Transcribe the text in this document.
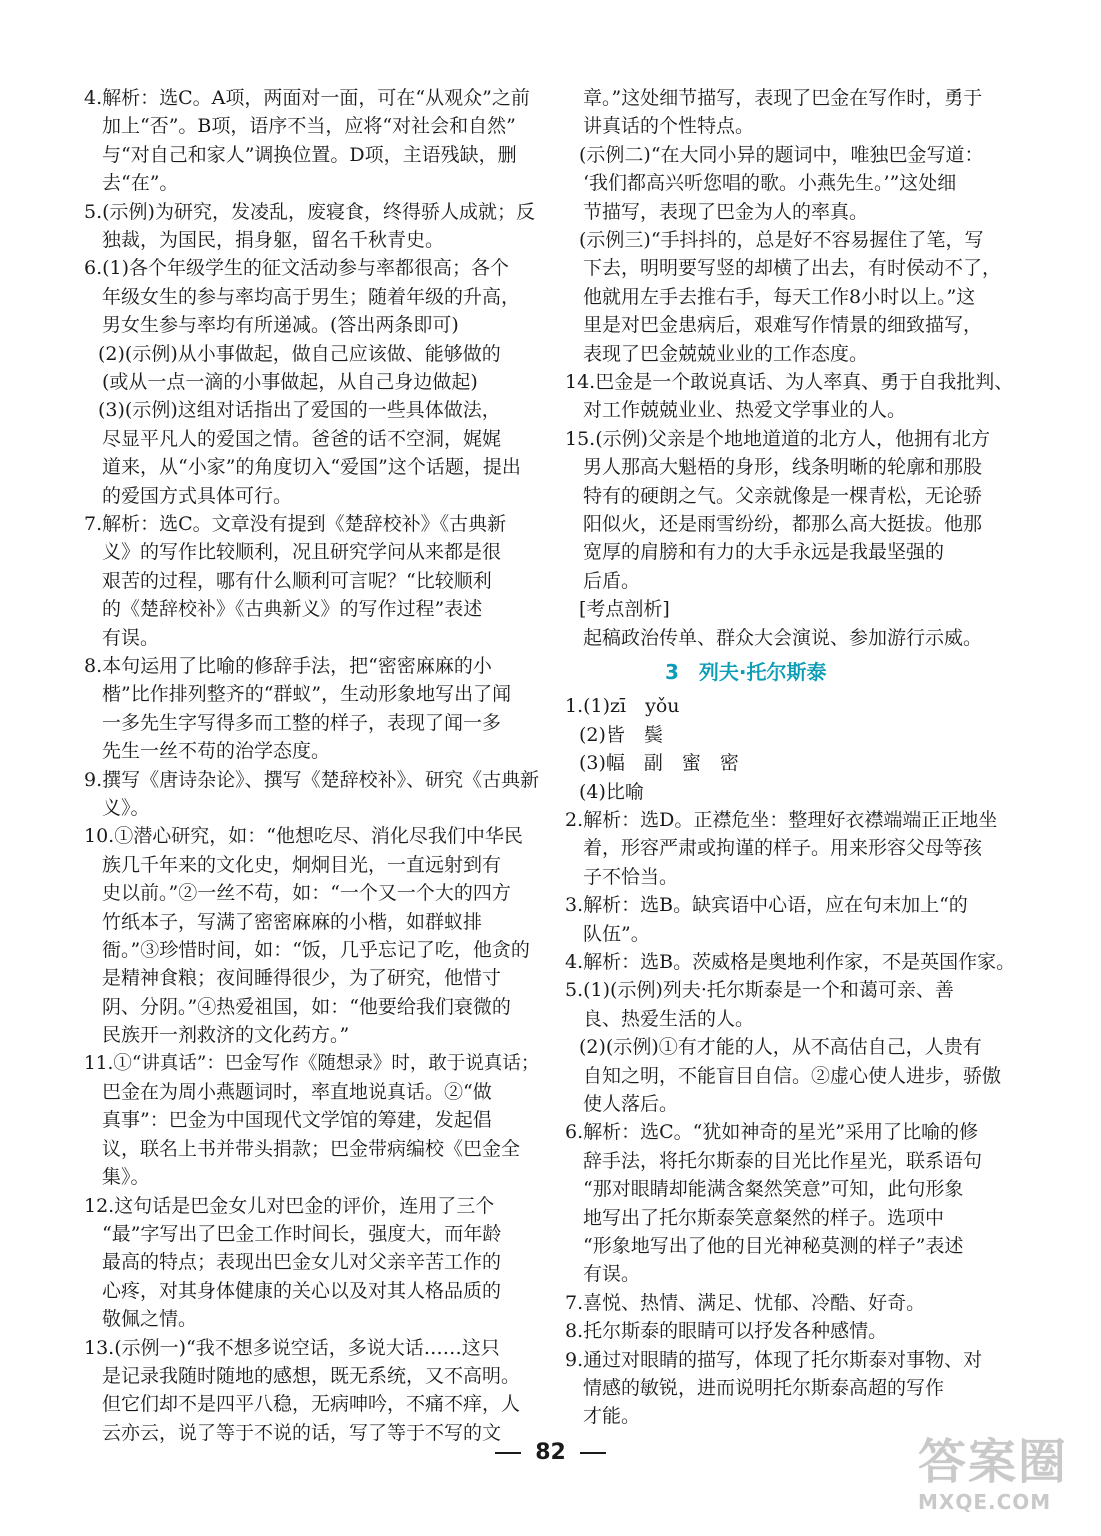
4.解析：选C。A项，两面对一面，可在“从观众”之前
加上“否”。B项，语序不当，应将“对社会和自然”
与“对自己和家人”调换位置。D项，主语残缺，删
去“在”。
5.(示例)为研究，发凌乱，废寝食，终得骄人成就；反
独裁，为国民，捐身躯，留名千秋青史。
6.(1)各个年级学生的征文活动参与率都很高；各个
年级女生的参与率均高于男生；随着年级的升高，
男女生参与率均有所递减。(答出两条即可)
(2)(示例)从小事做起，做自己应该做、能够做的
(或从一点一滴的小事做起，从自己身边做起)
(3)(示例)这组对话指出了爱国的一些具体做法，
尽显平凡人的爱国之情。爸爸的话不空洞，娓娓
道来，从“小家”的角度切入“爱国”这个话题，提出
的爱国方式具体可行。
7.解析：选C。文章没有提到《楚辞校补》《古典新
义》的写作比较顺利，况且研究学问从来都是很
艰苦的过程，哪有什么顺利可言呢？“比较顺利
的《楚辞校补》《古典新义》的写作过程”表述
有误。
8.本句运用了比喻的修辞手法，把“密密麻麻的小
楷”比作排列整齐的“群蚁”，生动形象地写出了闻
一多先生字写得多而工整的样子，表现了闻一多
先生一丝不苟的治学态度。
9.撰写《唐诗杂论》、撰写《楚辞校补》、研究《古典新
义》。
10.①潜心研究，如：“他想吃尽、消化尽我们中华民
族几千年来的文化史，炯炯目光，一直远射到有
史以前。”②一丝不苟，如：“一个又一个大的四方
竹纸本子，写满了密密麻麻的小楷，如群蚁排
衙。”③珍惜时间，如：“饭，几乎忘记了吃，他贪的
是精神食粮；夜间睡得很少，为了研究，他惜寸
阴、分阴。”④热爱祖国，如：“他要给我们衰微的
民族开一剂救济的文化药方。”
11.①“讲真话”：巴金写作《随想录》时，敢于说真话；
巴金在为周小燕题词时，率直地说真话。②“做
真事”：巴金为中国现代文学馆的筹建，发起倡
议，联名上书并带头捐款；巴金带病编校《巴金全
集》。
12.这句话是巴金女儿对巴金的评价，连用了三个
“最”字写出了巴金工作时间长，强度大，而年龄
最高的特点；表现出巴金女儿对父亲辛苦工作的
心疼，对其身体健康的关心以及对其人格品质的
敬佩之情。
13.(示例一)“我不想多说空话，多说大话……这只
是记录我随时随地的感想，既无系统，又不高明。
但它们却不是四平八稳，无病呻吟，不痛不痒，人
云亦云，说了等于不说的话，写了等于不写的文
章。”这处细节描写，表现了巴金在写作时，勇于
讲真话的个性特点。
(示例二)“在大同小异的题词中，唯独巴金写道：
‘我们都高兴听您唱的歌。小燕先生。’”这处细
节描写，表现了巴金为人的率真。
(示例三)“手抖抖的，总是好不容易握住了笔，写
下去，明明要写竖的却横了出去，有时侯动不了，
他就用左手去推右手，每天工作8小时以上。”这
里是对巴金患病后，艰难写作情景的细致描写，
表现了巴金兢兢业业的工作态度。
14.巴金是一个敢说真话、为人率真、勇于自我批判、
对工作兢兢业业、热爱文学事业的人。
15.(示例)父亲是个地地道道的北方人，他拥有北方
男人那高大魁梧的身形，线条明晰的轮廓和那股
特有的硬朗之气。父亲就像是一棵青松，无论骄
阳似火，还是雨雪纷纷，都那么高大挺拔。他那
宽厚的肩膀和有力的大手永远是我最坚强的
后盾。
[考点剖析]
起稿政治传单、群众大会演说、参加游行示威。
3　列夫·托尔斯泰
1.(1)zī　yǒu
(2)皆　鬓
(3)幅　副　蜜　密
(4)比喻
2.解析：选D。正襟危坐：整理好衣襟端端正正地坐
着，形容严肃或拘谨的样子。用来形容父母等孩
子不恰当。
3.解析：选B。缺宾语中心语，应在句末加上“的
队伍”。
4.解析：选B。茨威格是奥地利作家，不是英国作家。
5.(1)(示例)列夫·托尔斯泰是一个和蔼可亲、善
良、热爱生活的人。
(2)(示例)①有才能的人，从不高估自己，人贵有
自知之明，不能盲目自信。②虚心使人进步，骄傲
使人落后。
6.解析：选C。“犹如神奇的星光”采用了比喻的修
辞手法，将托尔斯泰的目光比作星光，联系语句
“那对眼睛却能满含粲然笑意”可知，此句形象
地写出了托尔斯泰笑意粲然的样子。选项中
“形象地写出了他的目光神秘莫测的样子”表述
有误。
7.喜悦、热情、满足、忧郁、冷酷、好奇。
8.托尔斯泰的眼睛可以抒发各种感情。
9.通过对眼睛的描写，体现了托尔斯泰对事物、对
情感的敏锐，进而说明托尔斯泰高超的写作
才能。
82	答案圈
MXQE.COM
